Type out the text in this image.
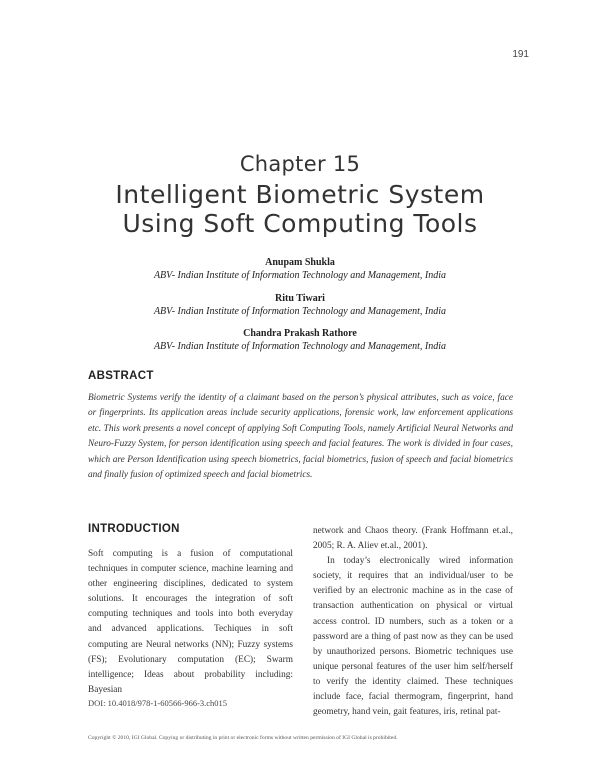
191
Chapter 15
Intelligent Biometric System
Using Soft Computing Tools
Anupam Shukla
ABV- Indian Institute of Information Technology and Management, India
Ritu Tiwari
ABV- Indian Institute of Information Technology and Management, India
Chandra Prakash Rathore
ABV- Indian Institute of Information Technology and Management, India
ABSTRACT
Biometric Systems verify the identity of a claimant based on the person’s physical attributes, such as voice, face or fingerprints. Its application areas include security applications, forensic work, law enforcement applications etc. This work presents a novel concept of applying Soft Computing Tools, namely Artificial Neural Networks and Neuro-Fuzzy System, for person identification using speech and facial features. The work is divided in four cases, which are Person Identification using speech biometrics, facial biometrics, fusion of speech and facial biometrics and finally fusion of optimized speech and facial biometrics.
INTRODUCTION

Soft computing is a fusion of computational techniques in computer science, machine learning and other engineering disciplines, dedicated to system solutions. It encourages the integration of soft computing techniques and tools into both everyday and advanced applications. Techiques in soft computing are Neural networks (NN); Fuzzy systems (FS); Evolutionary computation (EC); Swarm intelligence; Ideas about probability including: Bayesian

network and Chaos theory. (Frank Hoffmann et.al., 2005; R. A. Aliev et.al., 2001).

In today’s electronically wired information society, it requires that an individual/user to be verified by an electronic machine as in the case of transaction authentication on physical or virtual access control. ID numbers, such as a token or a password are a thing of past now as they can be used by unauthorized persons. Biometric techniques use unique personal features of the user him self/herself to verify the identity claimed. These techniques include face, facial thermogram, fingerprint, hand geometry, hand vein, gait features, iris, retinal pat-

DOI: 10.4018/978-1-60566-966-3.ch015
Copyright © 2010, IGI Global. Copying or distributing in print or electronic forms without written permission of IGI Global is prohibited.
